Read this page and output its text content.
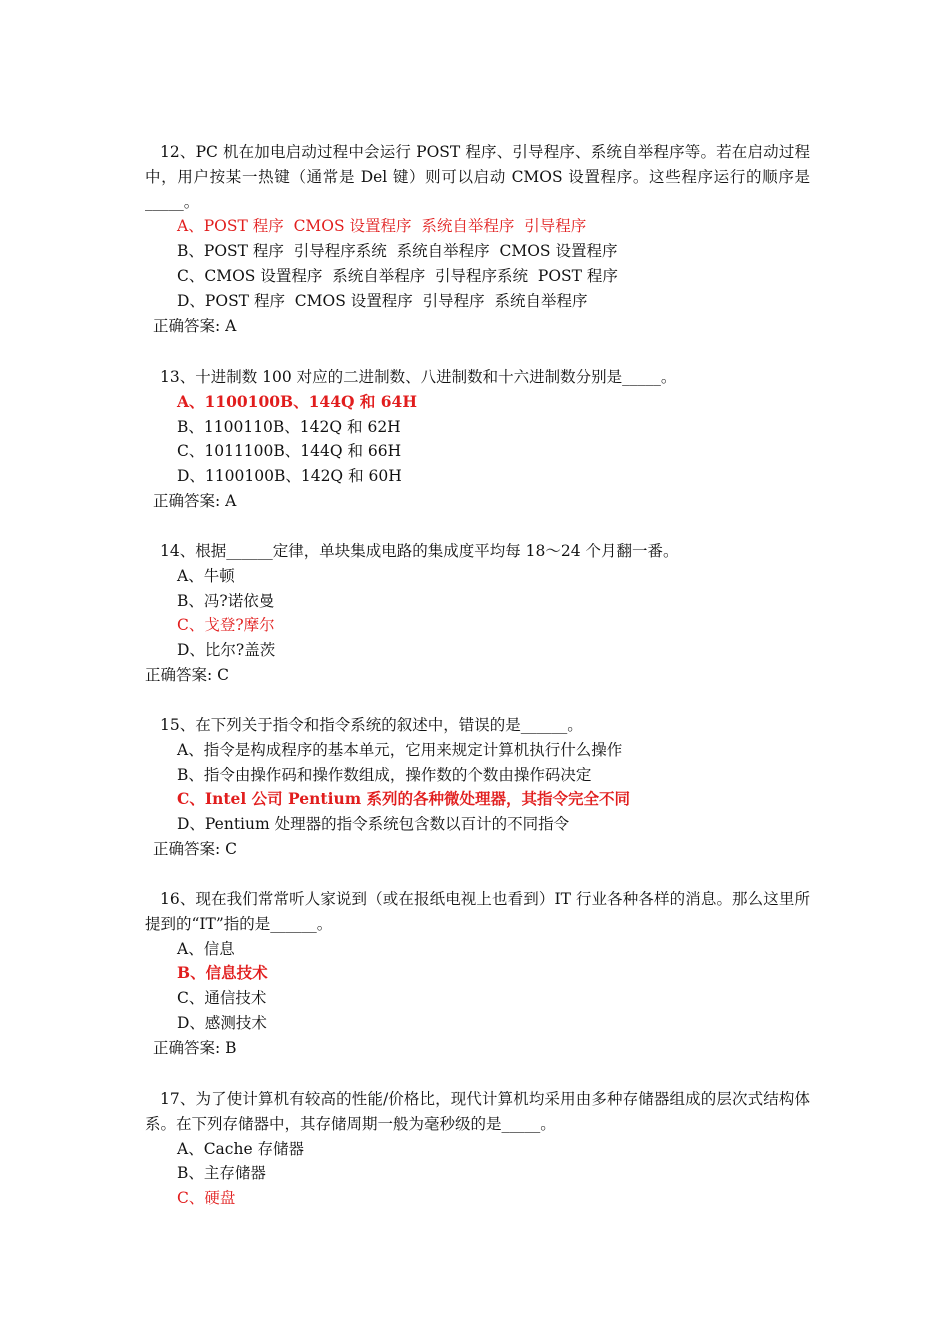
12、PC 机在加电启动过程中会运行 POST 程序、引导程序、系统自举程序等。若在启动过程中，用户按某一热键（通常是 Del 键）则可以启动 CMOS 设置程序。这些程序运行的顺序是_____。

A、POST 程序  CMOS 设置程序  系统自举程序  引导程序
B、POST 程序  引导程序系统  系统自举程序  CMOS 设置程序
C、CMOS 设置程序  系统自举程序  引导程序系统  POST 程序
D、POST 程序  CMOS 设置程序  引导程序  系统自举程序
正确答案: A

13、十进制数 100 对应的二进制数、八进制数和十六进制数分别是_____。

A、1100100B、144Q 和 64H
B、1100110B、142Q 和 62H
C、1011100B、144Q 和 66H
D、1100100B、142Q 和 60H
正确答案: A

14、根据______定律，单块集成电路的集成度平均每 18～24 个月翻一番。

A、牛顿
B、冯?诺依曼
C、戈登?摩尔
D、比尔?盖茨
正确答案: C

15、在下列关于指令和指令系统的叙述中，错误的是______。

A、指令是构成程序的基本单元，它用来规定计算机执行什么操作
B、指令由操作码和操作数组成，操作数的个数由操作码决定
C、Intel 公司 Pentium 系列的各种微处理器，其指令完全不同
D、Pentium 处理器的指令系统包含数以百计的不同指令
正确答案: C

16、现在我们常常听人家说到（或在报纸电视上也看到）IT 行业各种各样的消息。那么这里所提到的“IT”指的是______。

A、信息
B、信息技术
C、通信技术
D、感测技术
正确答案: B

17、为了使计算机有较高的性能/价格比，现代计算机均采用由多种存储器组成的层次式结构体系。在下列存储器中，其存储周期一般为毫秒级的是_____。

A、Cache 存储器
B、主存储器
C、硬盘
